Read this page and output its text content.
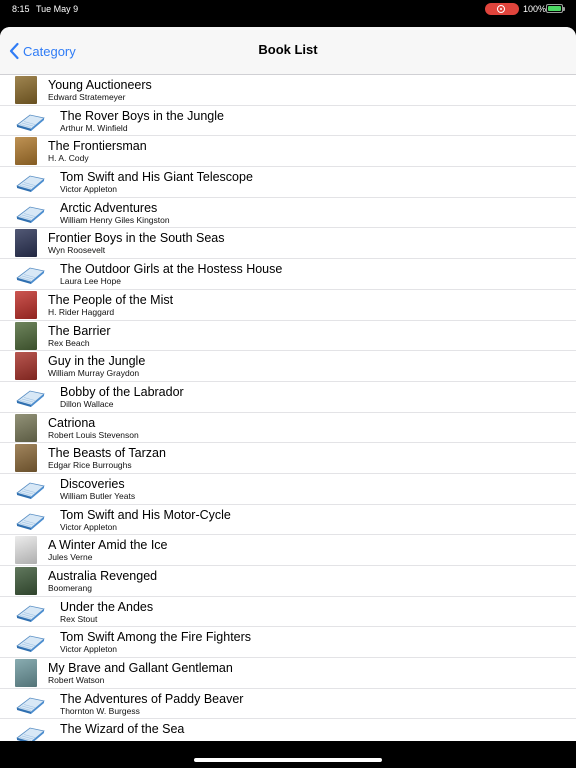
8:15 Tue May 9	100%
Category	Book List
Young Auctioneers
Edward Stratemeyer
The Rover Boys in the Jungle
Arthur M. Winfield
The Frontiersman
H. A. Cody
Tom Swift and His Giant Telescope
Victor Appleton
Arctic Adventures
William Henry Giles Kingston
Frontier Boys in the South Seas
Wyn Roosevelt
The Outdoor Girls at the Hostess House
Laura Lee Hope
The People of the Mist
H. Rider Haggard
The Barrier
Rex Beach
Guy in the Jungle
William Murray Graydon
Bobby of the Labrador
Dillon Wallace
Catriona
Robert Louis Stevenson
The Beasts of Tarzan
Edgar Rice Burroughs
Discoveries
William Butler Yeats
Tom Swift and His Motor-Cycle
Victor Appleton
A Winter Amid the Ice
Jules Verne
Australia Revenged
Boomerang
Under the Andes
Rex Stout
Tom Swift Among the Fire Fighters
Victor Appleton
My Brave and Gallant Gentleman
Robert Watson
The Adventures of Paddy Beaver
Thornton W. Burgess
The Wizard of the Sea
